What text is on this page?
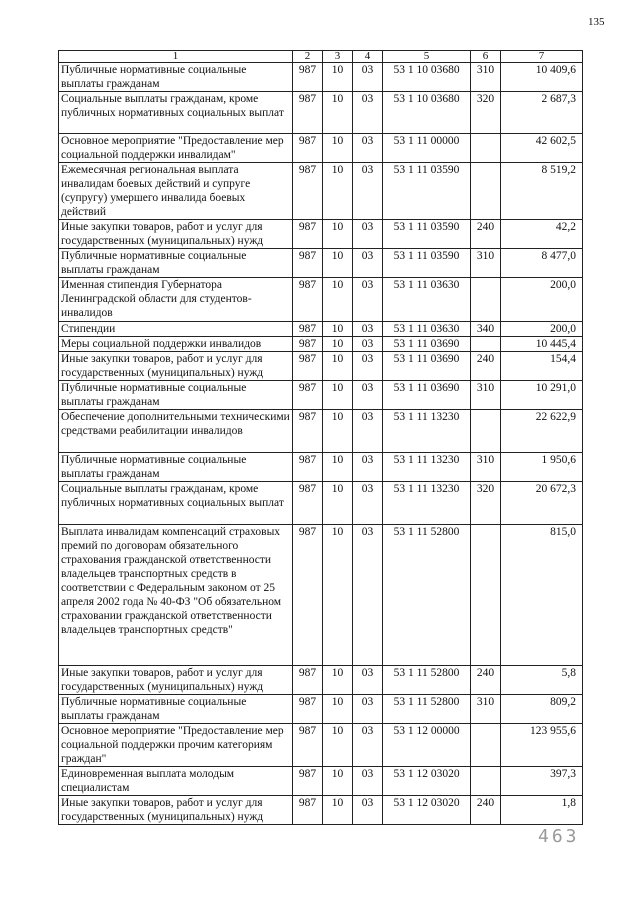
135
1	2	3	4	5	6	7
Публичные нормативные социальные выплаты гражданам	987	10	03	53 1 10 03680	310	10 409,6
Социальные выплаты гражданам, кроме публичных нормативных социальных выплат	987	10	03	53 1 10 03680	320	2 687,3
Основное мероприятие "Предоставление мер социальной поддержки инвалидам"	987	10	03	53 1 11 00000		42 602,5
Ежемесячная региональная выплата инвалидам боевых действий и супруге (супругу) умершего инвалида боевых действий	987	10	03	53 1 11 03590		8 519,2
Иные закупки товаров, работ и услуг для государственных (муниципальных) нужд	987	10	03	53 1 11 03590	240	42,2
Публичные нормативные социальные выплаты гражданам	987	10	03	53 1 11 03590	310	8 477,0
Именная стипендия Губернатора Ленинградской области для студентов-инвалидов	987	10	03	53 1 11 03630		200,0
Стипендии	987	10	03	53 1 11 03630	340	200,0
Меры социальной поддержки инвалидов	987	10	03	53 1 11 03690		10 445,4
Иные закупки товаров, работ и услуг для государственных (муниципальных) нужд	987	10	03	53 1 11 03690	240	154,4
Публичные нормативные социальные выплаты гражданам	987	10	03	53 1 11 03690	310	10 291,0
Обеспечение дополнительными техническими средствами реабилитации инвалидов	987	10	03	53 1 11 13230		22 622,9
Публичные нормативные социальные выплаты гражданам	987	10	03	53 1 11 13230	310	1 950,6
Социальные выплаты гражданам, кроме публичных нормативных социальных выплат	987	10	03	53 1 11 13230	320	20 672,3
Выплата инвалидам компенсаций страховых премий по договорам обязательного страхования гражданской ответственности владельцев транспортных средств в соответствии с Федеральным законом от 25 апреля 2002 года № 40-ФЗ "Об обязательном страховании гражданской ответственности владельцев транспортных средств"	987	10	03	53 1 11 52800		815,0
Иные закупки товаров, работ и услуг для государственных (муниципальных) нужд	987	10	03	53 1 11 52800	240	5,8
Публичные нормативные социальные выплаты гражданам	987	10	03	53 1 11 52800	310	809,2
Основное мероприятие "Предоставление мер социальной поддержки прочим категориям граждан"	987	10	03	53 1 12 00000		123 955,6
Единовременная выплата молодым специалистам	987	10	03	53 1 12 03020		397,3
Иные закупки товаров, работ и услуг для государственных (муниципальных) нужд	987	10	03	53 1 12 03020	240	1,8
463
